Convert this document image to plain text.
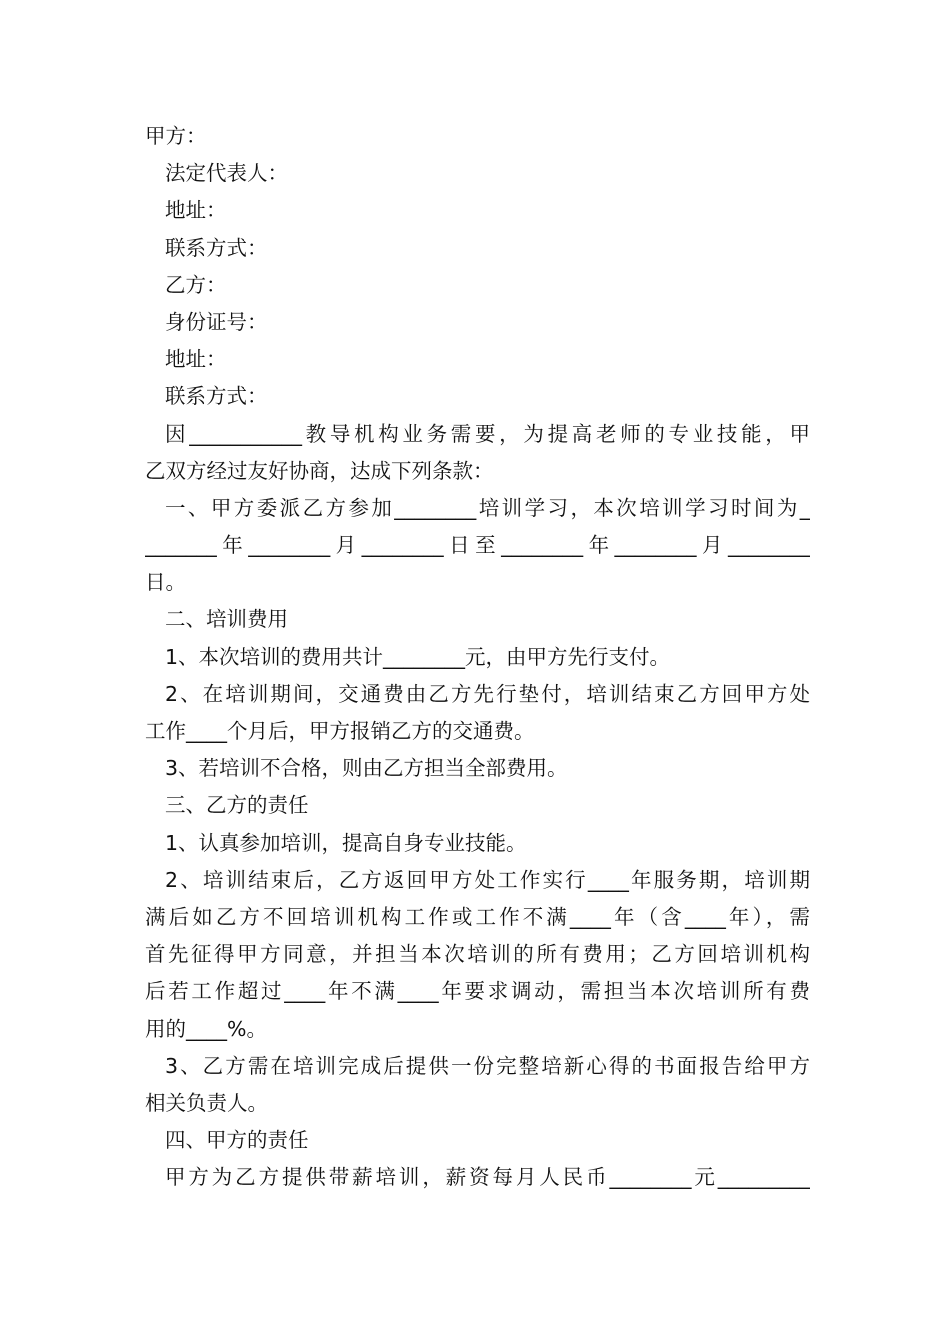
甲方：
法定代表人：
地址：
联系方式：
乙方：
身份证号：
地址：
联系方式：
因___________教导机构业务需要，为提高老师的专业技能，甲
乙双方经过友好协商，达成下列条款：
一、甲方委派乙方参加________培训学习，本次培训学习时间为_
_______年________月________日至________年________月________
日。
二、培训费用
1、本次培训的费用共计________元，由甲方先行支付。
2、在培训期间，交通费由乙方先行垫付，培训结束乙方回甲方处
工作____个月后，甲方报销乙方的交通费。
3、若培训不合格，则由乙方担当全部费用。
三、乙方的责任
1、认真参加培训，提高自身专业技能。
2、培训结束后，乙方返回甲方处工作实行____年服务期，培训期
满后如乙方不回培训机构工作或工作不满____年（含____年），需
首先征得甲方同意，并担当本次培训的所有费用；乙方回培训机构
后若工作超过____年不满____年要求调动，需担当本次培训所有费
用的____%。
3、乙方需在培训完成后提供一份完整培新心得的书面报告给甲方
相关负责人。
四、甲方的责任
甲方为乙方提供带薪培训，薪资每月人民币________元_________
